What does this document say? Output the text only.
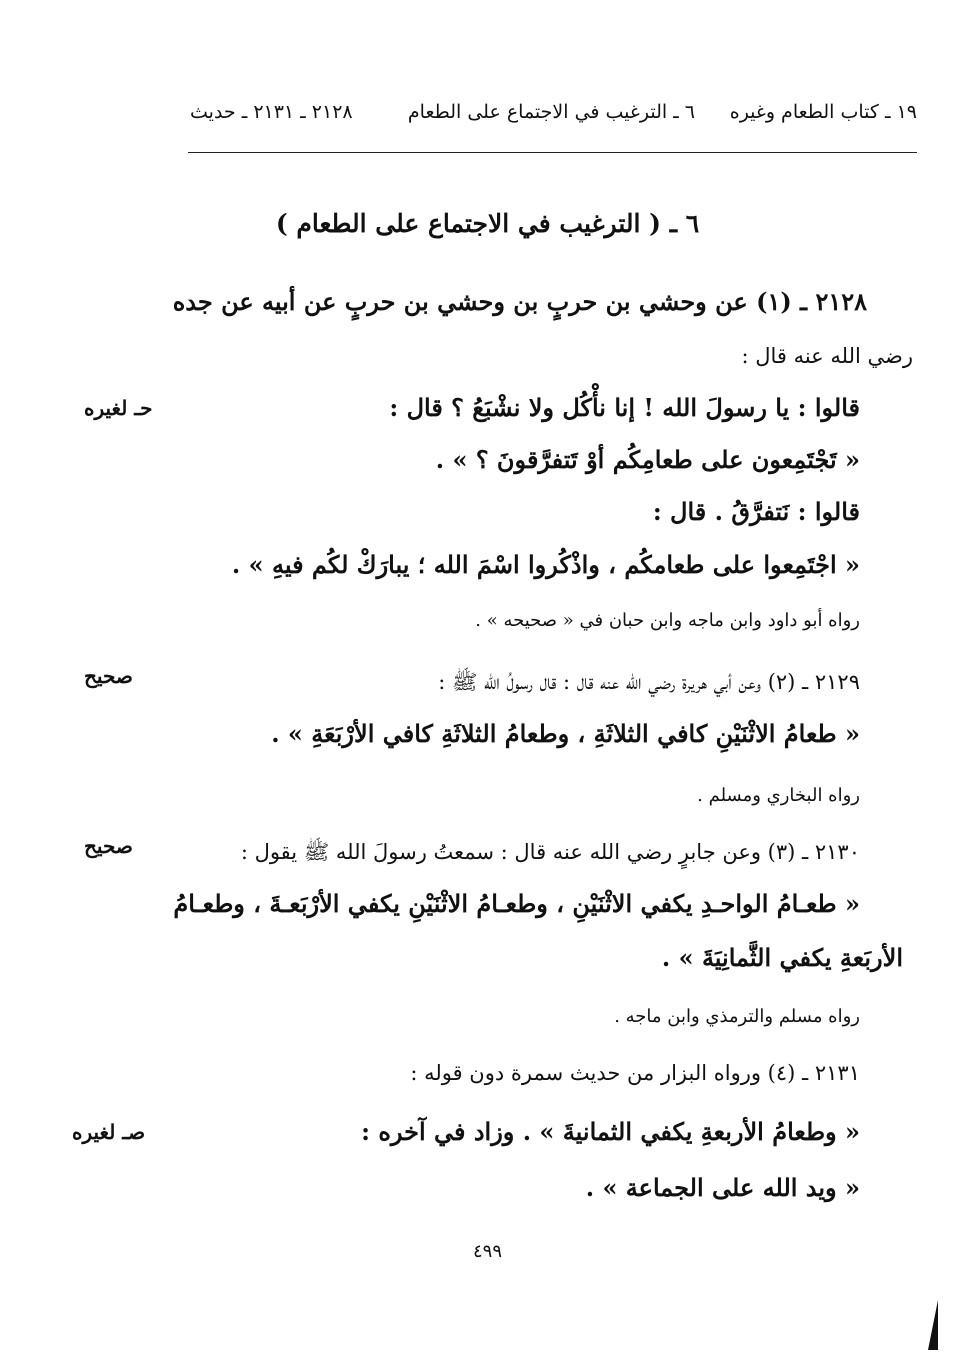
١٩ ـ كتاب الطعام وغيره
٦ ـ الترغيب في الاجتماع على الطعام
٢١٢٨ ـ ٢١٣١ ـ حديث
٦ ـ ( الترغيب في الاجتماع على الطعام )
٢١٢٨ ـ (١) عن وحشي بن حربٍ بن وحشي بن حربٍ عن أبيه عن جده
رضي الله عنه قال :
حـ لغيره	قالوا : يا رسولَ الله ! إنا نأْكُل ولا نشْبَعُ ؟ قال :
« تَجْتَمِعون على طعامِكُم أوْ تَتفرَّقونَ ؟ » .
قالوا : نَتفرَّقُ . قال :
« اجْتَمِعوا على طعامكُم ، واذْكُروا اسْمَ الله ؛ يبارَكْ لكُم فيهِ » .
رواه أبو داود وابن ماجه وابن حبان في « صحيحه » .
صحيح	٢١٢٩ ـ (٢) وعن أبي هريرة رضي الله عنه قال : قال رسولُ الله ﷺ :
« طعامُ الاثْنَيْنِ كافي الثلاثَةِ ، وطعامُ الثلاثَةِ كافي الأرْبَعَةِ » .
رواه البخاري ومسلم .
صحيح	٢١٣٠ ـ (٣) وعن جابرٍ رضي الله عنه قال : سمعتُ رسولَ الله ﷺ يقول :
« طعـامُ الواحـدِ يكفي الاثْنَيْنِ ، وطعـامُ الاثْنَيْنِ يكفي الأرْبَعـةَ ، وطعـامُ
الأربَعةِ يكفي الثَّمانِيَةَ » .
رواه مسلم والترمذي وابن ماجه .
٢١٣١ ـ (٤) ورواه البزار من حديث سمرة دون قوله :
صـ لغيره	« وطعامُ الأربعةِ يكفي الثمانيةَ » . وزاد في آخره :
« ويد الله على الجماعة » .
٤٩٩
